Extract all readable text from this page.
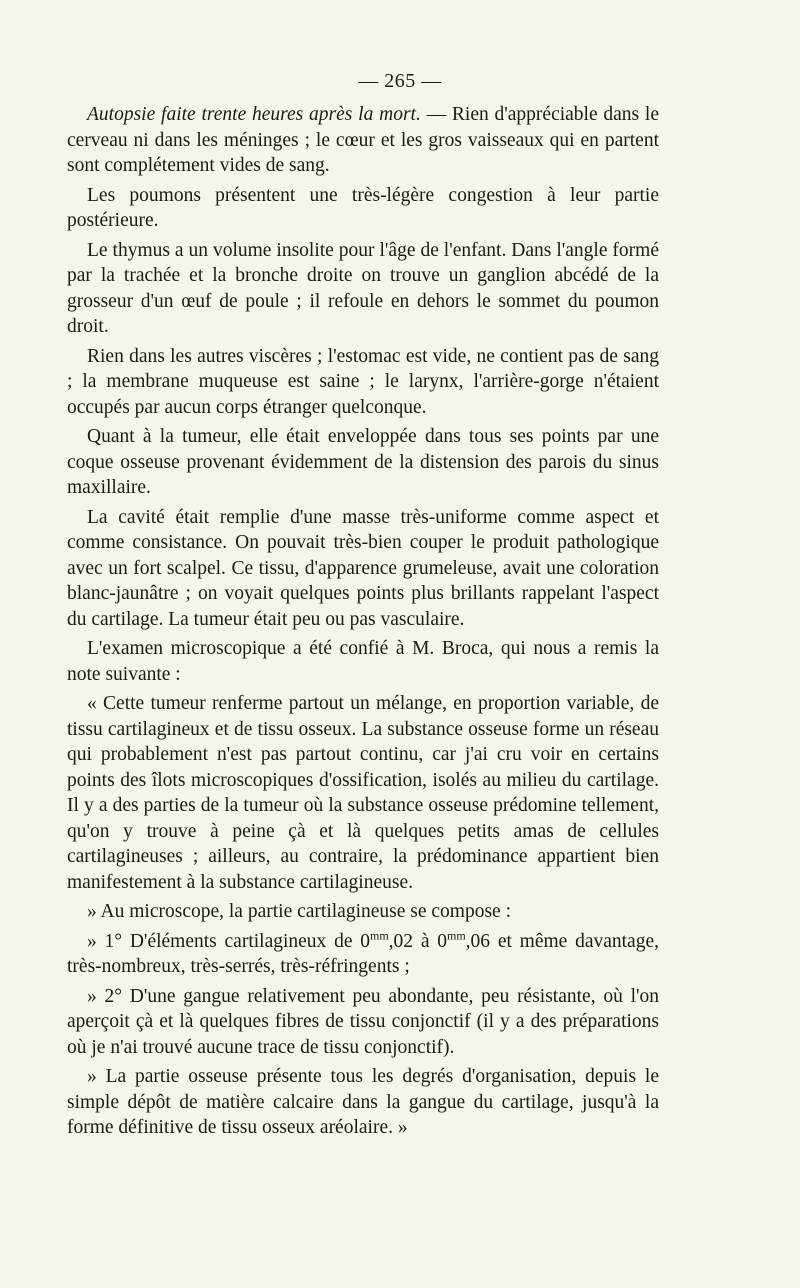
— 265 —

Autopsie faite trente heures après la mort. — Rien d'appréciable dans le cerveau ni dans les méninges ; le cœur et les gros vaisseaux qui en partent sont complétement vides de sang.

Les poumons présentent une très-légère congestion à leur partie postérieure.

Le thymus a un volume insolite pour l'âge de l'enfant. Dans l'angle formé par la trachée et la bronche droite on trouve un ganglion abcédé de la grosseur d'un œuf de poule ; il refoule en dehors le sommet du poumon droit.

Rien dans les autres viscères ; l'estomac est vide, ne contient pas de sang ; la membrane muqueuse est saine ; le larynx, l'arrière-gorge n'étaient occupés par aucun corps étranger quelconque.

Quant à la tumeur, elle était enveloppée dans tous ses points par une coque osseuse provenant évidemment de la distension des parois du sinus maxillaire.

La cavité était remplie d'une masse très-uniforme comme aspect et comme consistance. On pouvait très-bien couper le produit pathologique avec un fort scalpel. Ce tissu, d'apparence grumeleuse, avait une coloration blanc-jaunâtre ; on voyait quelques points plus brillants rappelant l'aspect du cartilage. La tumeur était peu ou pas vasculaire.

L'examen microscopique a été confié à M. Broca, qui nous a remis la note suivante :

« Cette tumeur renferme partout un mélange, en proportion variable, de tissu cartilagineux et de tissu osseux. La substance osseuse forme un réseau qui probablement n'est pas partout continu, car j'ai cru voir en certains points des îlots microscopiques d'ossification, isolés au milieu du cartilage. Il y a des parties de la tumeur où la substance osseuse prédomine tellement, qu'on y trouve à peine çà et là quelques petits amas de cellules cartilagineuses ; ailleurs, au contraire, la prédominance appartient bien manifestement à la substance cartilagineuse.

» Au microscope, la partie cartilagineuse se compose :

» 1° D'éléments cartilagineux de $0^{mm},02$ à $0^{mm},06$ et même davantage, très-nombreux, très-serrés, très-réfringents ;

» 2° D'une gangue relativement peu abondante, peu résistante, où l'on aperçoit çà et là quelques fibres de tissu conjonctif (il y a des préparations où je n'ai trouvé aucune trace de tissu conjonctif).

» La partie osseuse présente tous les degrés d'organisation, depuis le simple dépôt de matière calcaire dans la gangue du cartilage, jusqu'à la forme définitive de tissu osseux aréolaire. »
